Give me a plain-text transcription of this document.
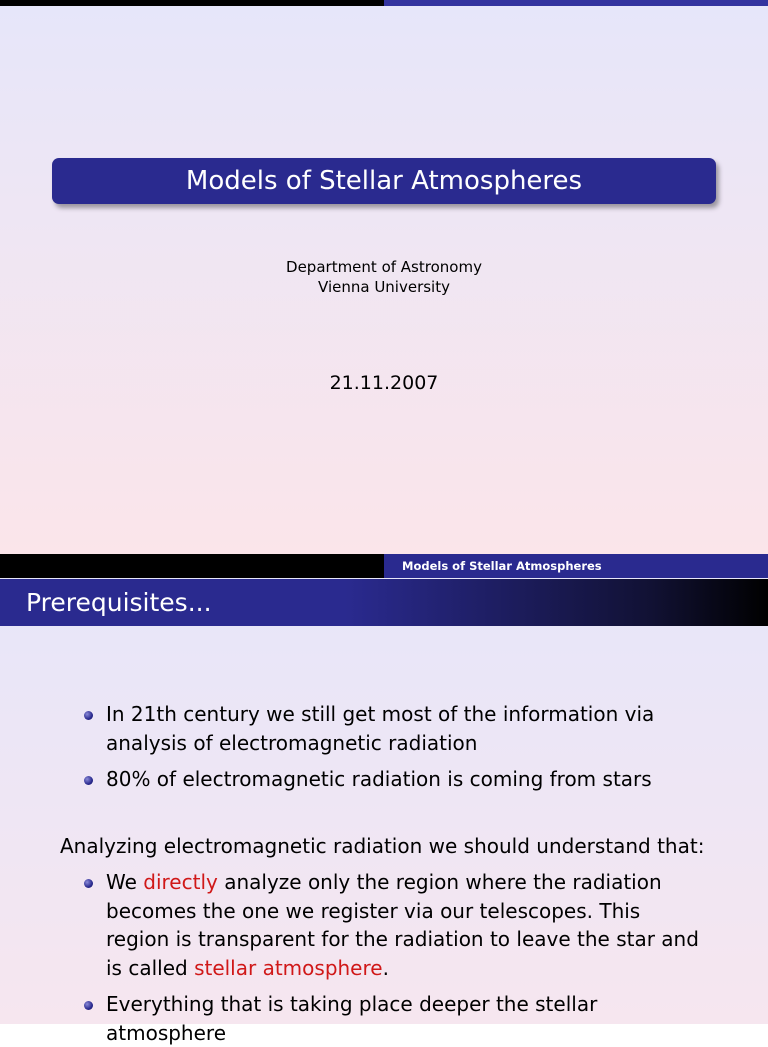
Models of Stellar Atmospheres
Department of Astronomy
Vienna University
21.11.2007
Models of Stellar Atmospheres
Prerequisites...
In 21th century we still get most of the information via analysis of electromagnetic radiation
80% of electromagnetic radiation is coming from stars
Analyzing electromagnetic radiation we should understand that:
We directly analyze only the region where the radiation becomes the one we register via our telescopes. This region is transparent for the radiation to leave the star and is called stellar atmosphere.
Everything that is taking place deeper the stellar atmosphere
